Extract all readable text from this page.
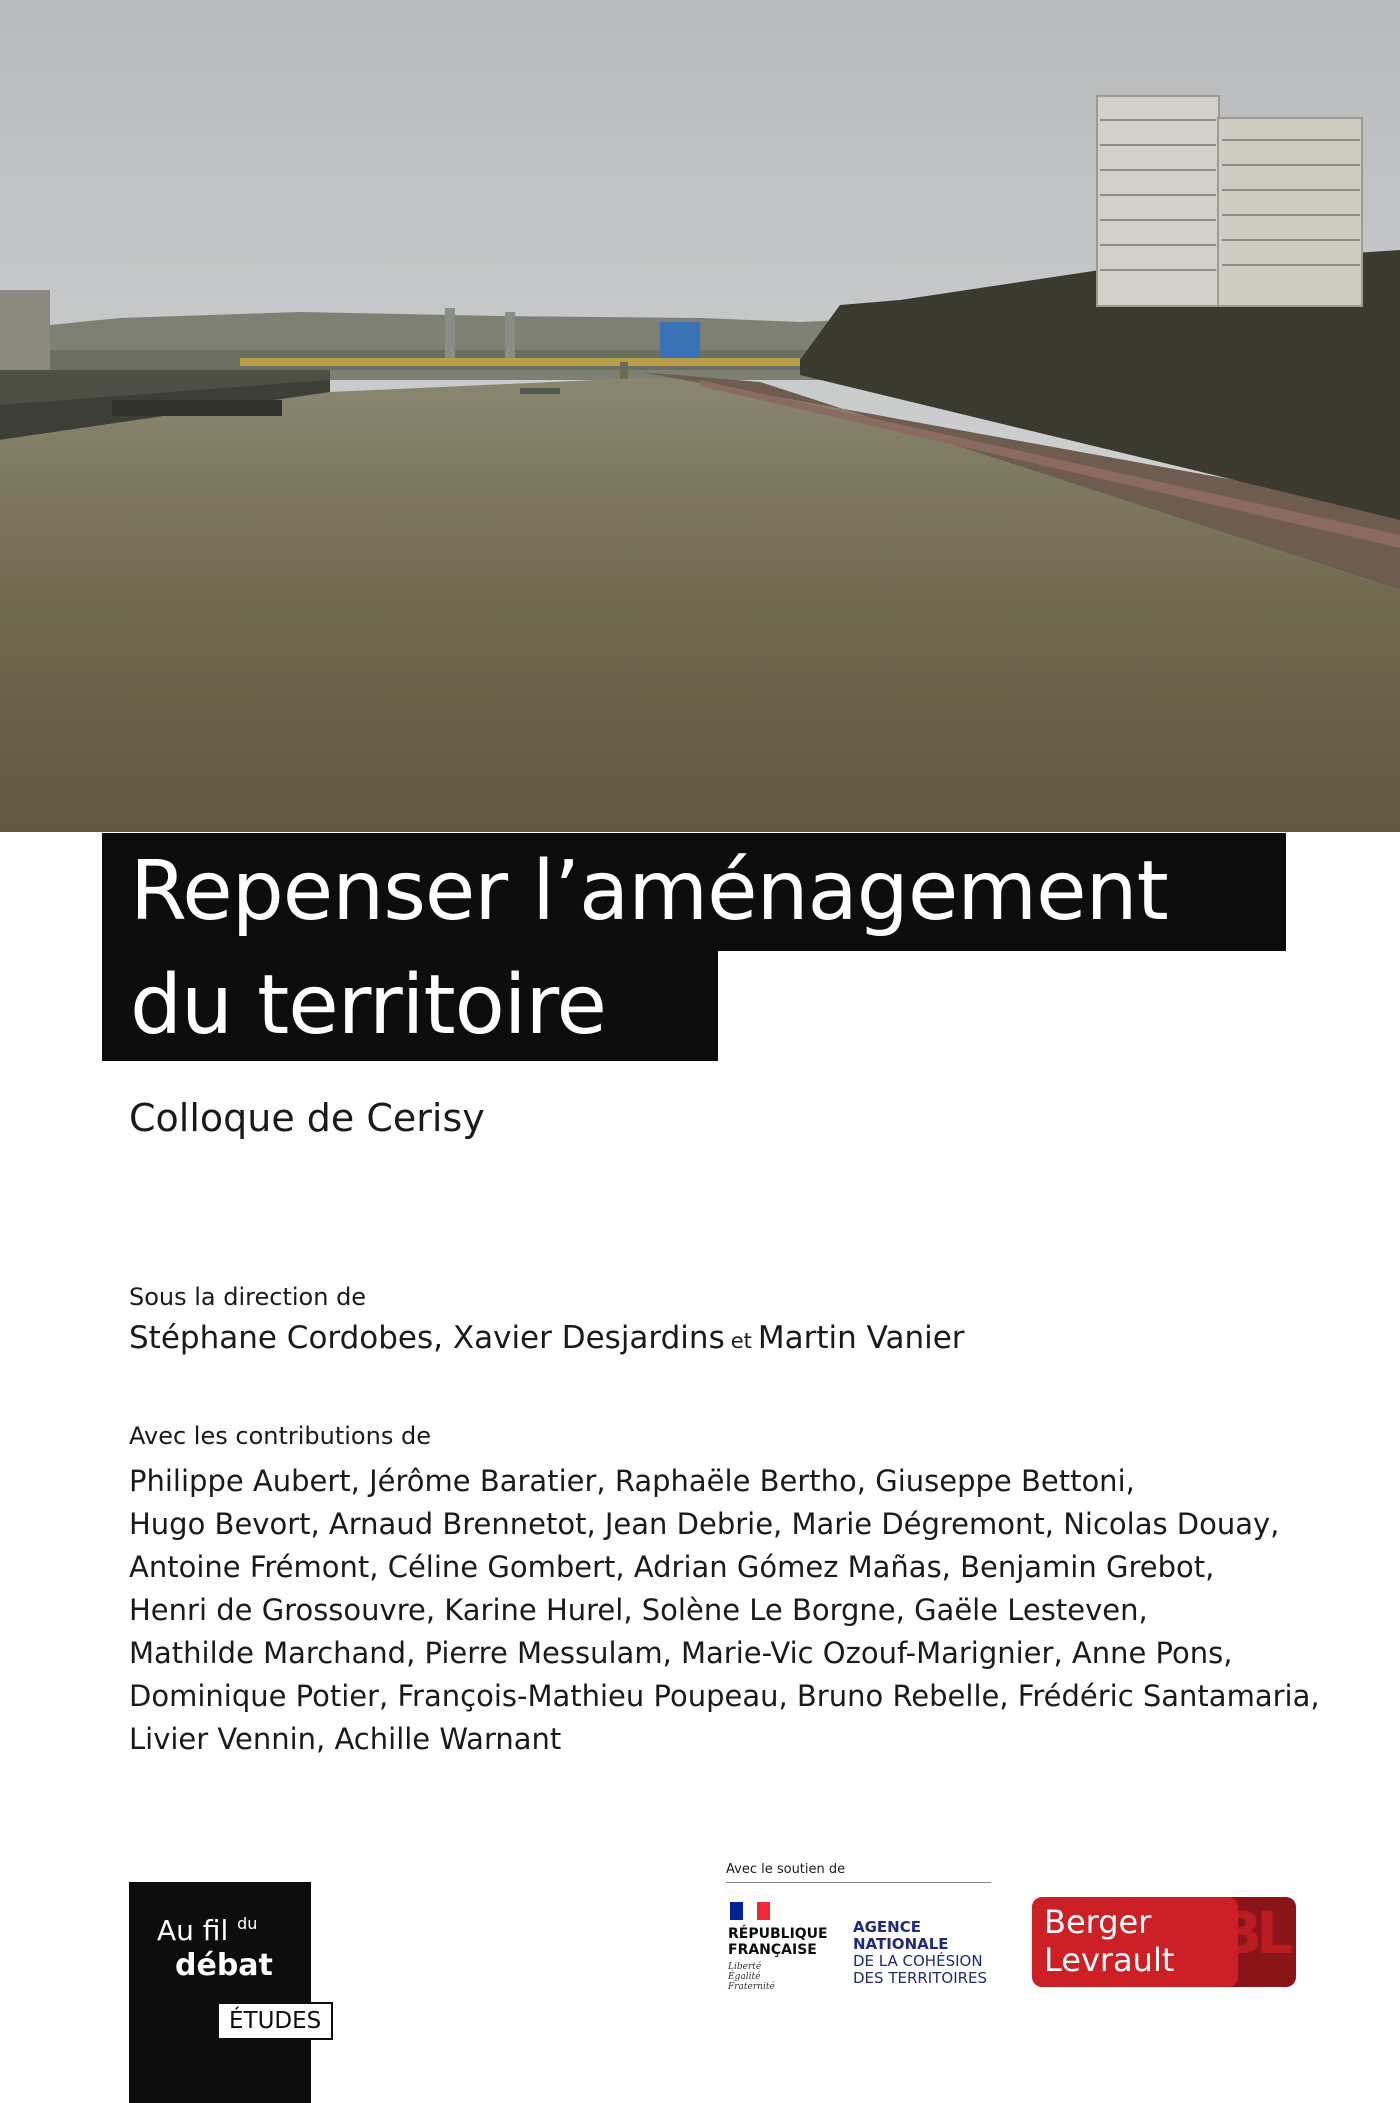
Repenser l’aménagement
du territoire
Colloque de Cerisy
Sous la direction de
Stéphane Cordobes, Xavier Desjardins et Martin Vanier
Avec les contributions de
Philippe Aubert, Jérôme Baratier, Raphaële Bertho, Giuseppe Bettoni,
Hugo Bevort, Arnaud Brennetot, Jean Debrie, Marie Dégremont, Nicolas Douay,
Antoine Frémont, Céline Gombert, Adrian Gómez Mañas, Benjamin Grebot,
Henri de Grossouvre, Karine Hurel, Solène Le Borgne, Gaële Lesteven,
Mathilde Marchand, Pierre Messulam, Marie-Vic Ozouf-Marignier, Anne Pons,
Dominique Potier, François-Mathieu Poupeau, Bruno Rebelle, Frédéric Santamaria,
Livier Vennin, Achille Warnant
Au fil $^{du}$
débat
ÉTUDES
Avec le soutien de
RÉPUBLIQUE
FRANÇAISE
Liberté
Égalité
Fraternité
AGENCE
NATIONALE
DE LA COHÉSION
DES TERRITOIRES
BL
Berger
Levrault
